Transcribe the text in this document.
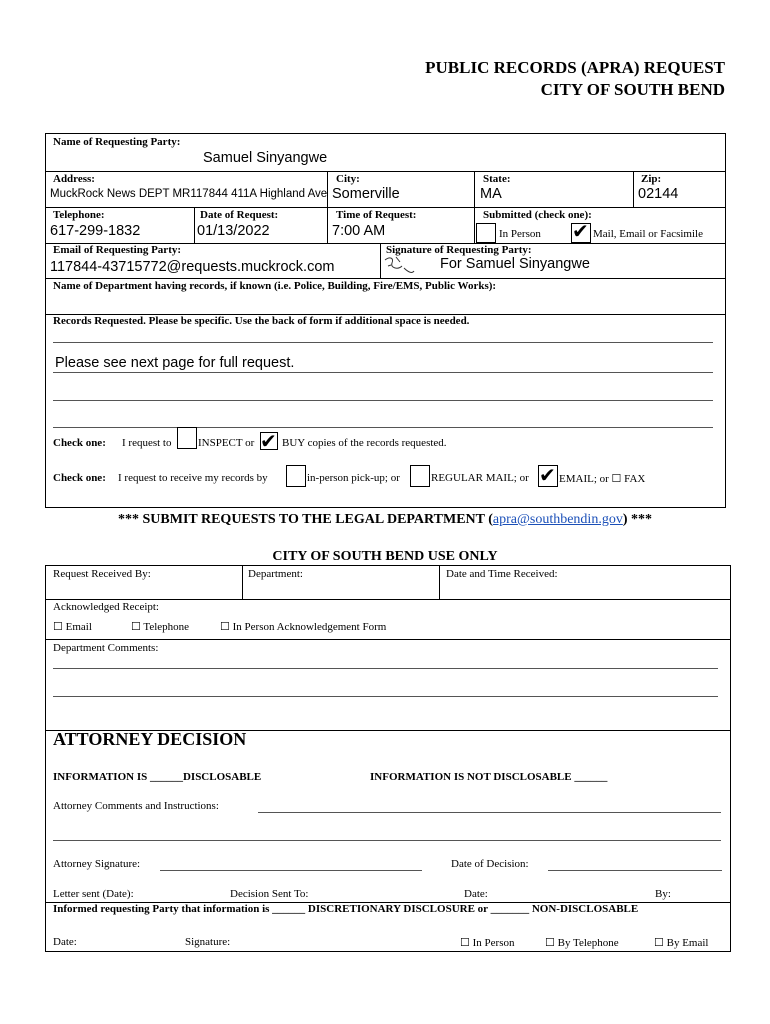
PUBLIC RECORDS (APRA) REQUEST
CITY OF SOUTH BEND
Name of Requesting Party:
Samuel Sinyangwe
Address:
MuckRock News DEPT MR117844 411A Highland Ave
City:
Somerville
State:
MA
Zip:
02144
Telephone:
617-299-1832
Date of Request:
01/13/2022
Time of Request:
7:00 AM
Submitted (check one):
In Person ✔ Mail, Email or Facsimile
Email of Requesting Party:
117844-43715772@requests.muckrock.com
Signature of Requesting Party:
For Samuel Sinyangwe
Name of Department having records, if known (i.e. Police, Building, Fire/EMS, Public Works):
Records Requested. Please be specific. Use the back of form if additional space is needed.
Please see next page for full request.
Check one: I request to INSPECT or ✔ BUY copies of the records requested.
Check one: I request to receive my records by	in-person pick-up; or	REGULAR MAIL; or ✔ EMAIL; or ☐ FAX
*** SUBMIT REQUESTS TO THE LEGAL DEPARTMENT (apra@southbendin.gov) ***
CITY OF SOUTH BEND USE ONLY
Request Received By:	Department:	Date and Time Received:
Acknowledged Receipt:
☐ Email	☐ Telephone	☐ In Person Acknowledgement Form
Department Comments:
ATTORNEY DECISION
INFORMATION IS ______DISCLOSABLE	INFORMATION IS NOT DISCLOSABLE ______
Attorney Comments and Instructions:
Attorney Signature:	Date of Decision:
Letter sent (Date):	Decision Sent To:	Date:	By:
Informed requesting Party that information is ______ DISCRETIONARY DISCLOSURE or _______ NON-DISCLOSABLE
Date:	Signature:	☐ In Person	☐ By Telephone	☐ By Email
